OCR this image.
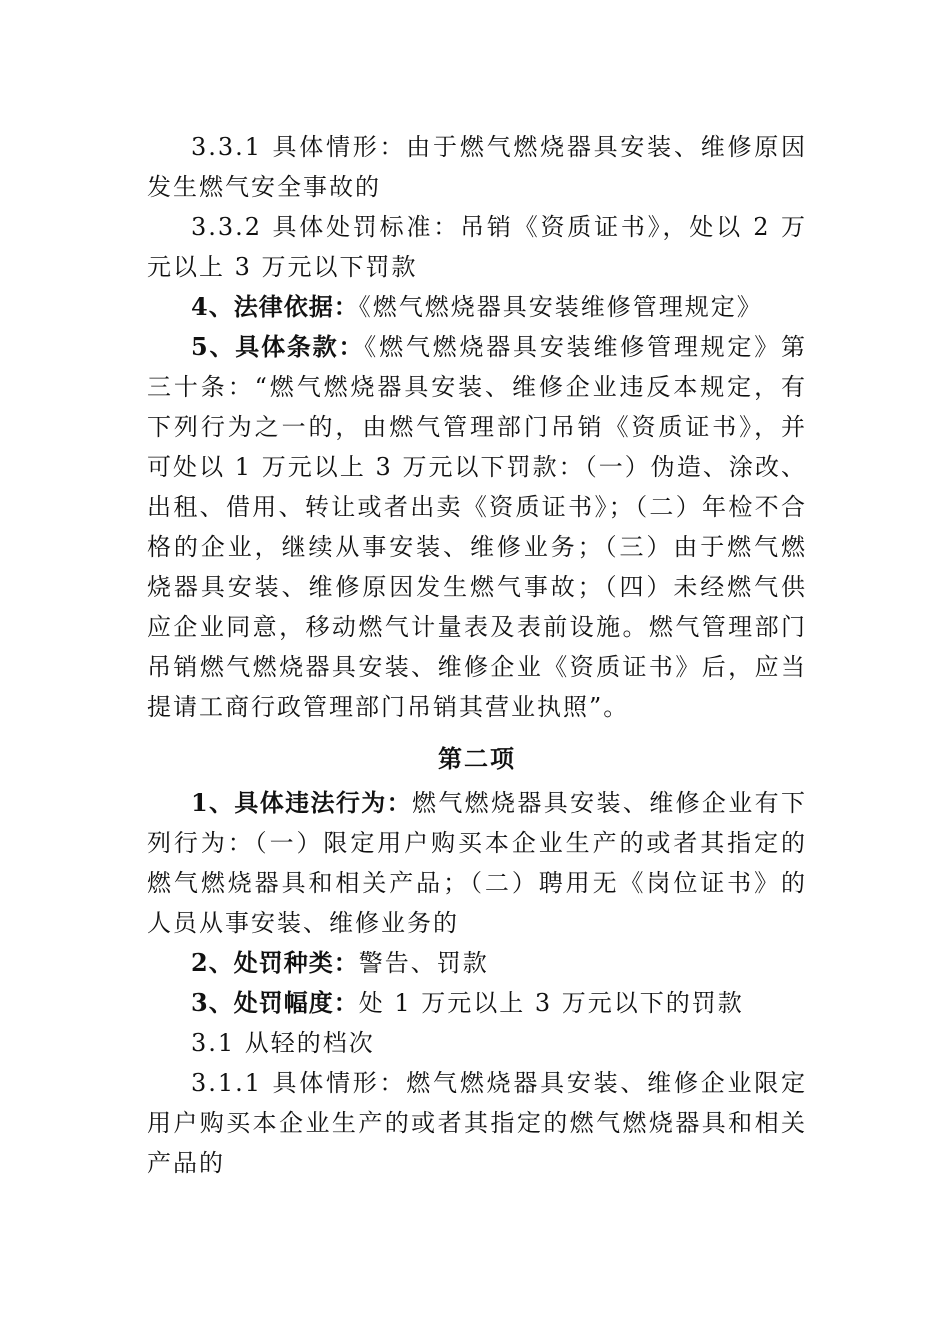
3.3.1 具体情形：由于燃气燃烧器具安装、维修原因发生燃气安全事故的

3.3.2 具体处罚标准：吊销《资质证书》，处以 2 万元以上 3 万元以下罚款

4、法律依据：《燃气燃烧器具安装维修管理规定》

5、具体条款：《燃气燃烧器具安装维修管理规定》第三十条：“燃气燃烧器具安装、维修企业违反本规定，有下列行为之一的，由燃气管理部门吊销《资质证书》，并可处以 1 万元以上 3 万元以下罚款：（一）伪造、涂改、出租、借用、转让或者出卖《资质证书》；（二）年检不合格的企业，继续从事安装、维修业务；（三）由于燃气燃烧器具安装、维修原因发生燃气事故；（四）未经燃气供应企业同意，移动燃气计量表及表前设施。燃气管理部门吊销燃气燃烧器具安装、维修企业《资质证书》后，应当提请工商行政管理部门吊销其营业执照”。

第二项

1、具体违法行为：燃气燃烧器具安装、维修企业有下列行为：（一）限定用户购买本企业生产的或者其指定的燃气燃烧器具和相关产品；（二）聘用无《岗位证书》的人员从事安装、维修业务的

2、处罚种类：警告、罚款

3、处罚幅度：处 1 万元以上 3 万元以下的罚款

3.1 从轻的档次

3.1.1 具体情形：燃气燃烧器具安装、维修企业限定用户购买本企业生产的或者其指定的燃气燃烧器具和相关产品的
